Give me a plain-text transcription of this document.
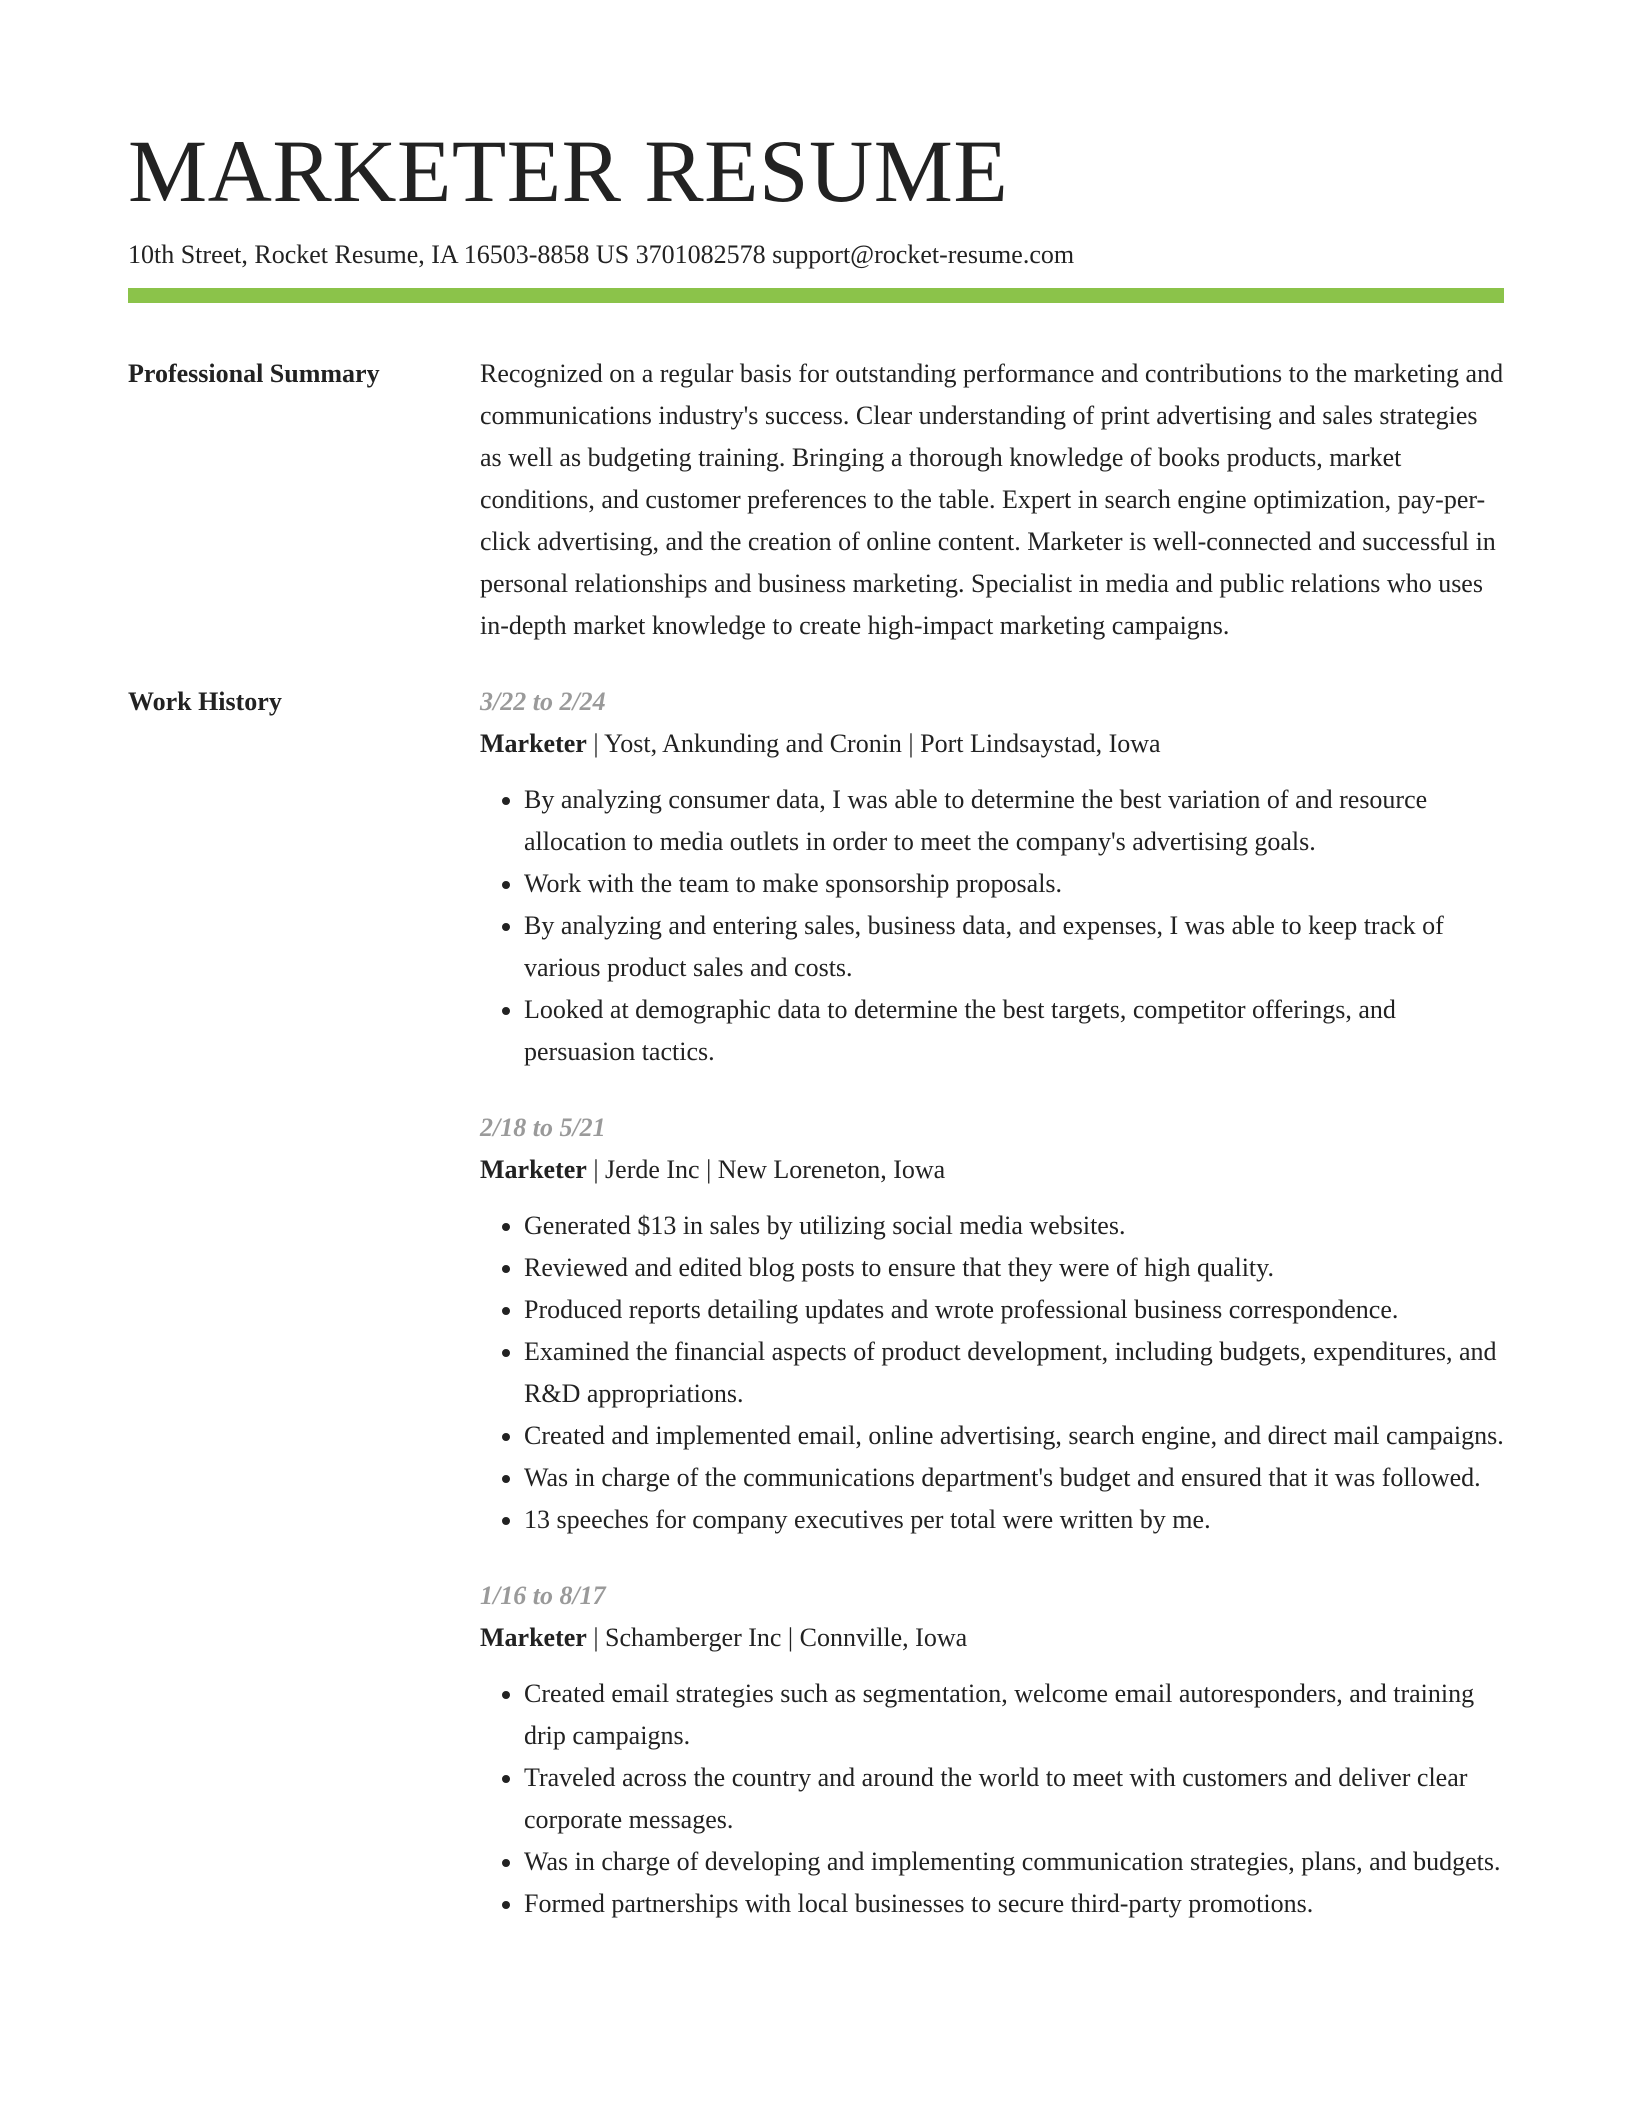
MARKETER RESUME
10th Street, Rocket Resume, IA 16503-8858 US 3701082578 support@rocket-resume.com
Professional Summary	Recognized on a regular basis for outstanding performance and contributions to the marketing and communications industry's success. Clear understanding of print advertising and sales strategies as well as budgeting training. Bringing a thorough knowledge of books products, market conditions, and customer preferences to the table. Expert in search engine optimization, pay-per-click advertising, and the creation of online content. Marketer is well-connected and successful in personal relationships and business marketing. Specialist in media and public relations who uses in-depth market knowledge to create high-impact marketing campaigns.

Work History	3/22 to 2/24
Marketer | Yost, Ankunding and Cronin | Port Lindsaystad, Iowa
• By analyzing consumer data, I was able to determine the best variation of and resource allocation to media outlets in order to meet the company's advertising goals.
• Work with the team to make sponsorship proposals.
• By analyzing and entering sales, business data, and expenses, I was able to keep track of various product sales and costs.
• Looked at demographic data to determine the best targets, competitor offerings, and persuasion tactics.
2/18 to 5/21
Marketer | Jerde Inc | New Loreneton, Iowa
• Generated $13 in sales by utilizing social media websites.
• Reviewed and edited blog posts to ensure that they were of high quality.
• Produced reports detailing updates and wrote professional business correspondence.
• Examined the financial aspects of product development, including budgets, expenditures, and R&D appropriations.
• Created and implemented email, online advertising, search engine, and direct mail campaigns.
• Was in charge of the communications department's budget and ensured that it was followed.
• 13 speeches for company executives per total were written by me.
1/16 to 8/17
Marketer | Schamberger Inc | Connville, Iowa
• Created email strategies such as segmentation, welcome email autoresponders, and training drip campaigns.
• Traveled across the country and around the world to meet with customers and deliver clear corporate messages.
• Was in charge of developing and implementing communication strategies, plans, and budgets.
• Formed partnerships with local businesses to secure third-party promotions.
